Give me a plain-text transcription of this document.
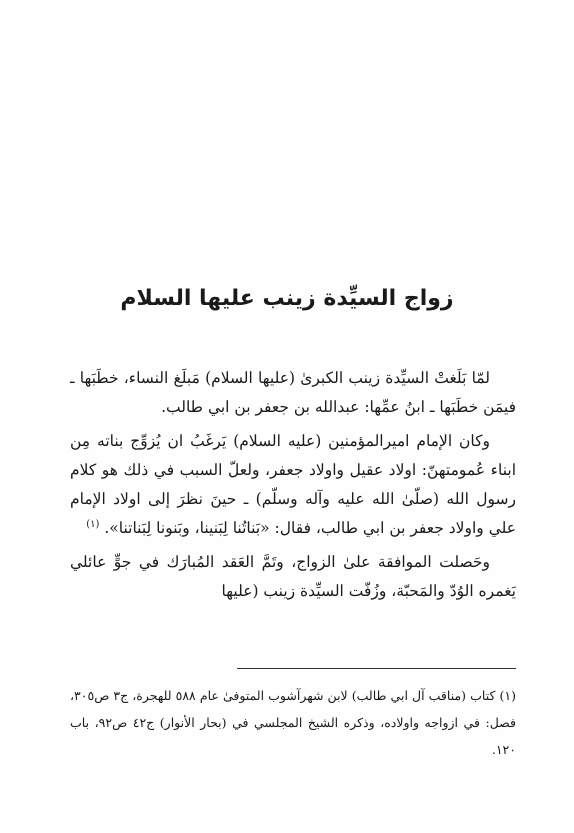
زواج السيِّدة زينب عليها السلام

لمّا بَلَغتْ السيِّدة زينب الكبرىٰ (عليها السلام) مَبلَغ النساء، خطَبَها ـ فيمَن خطَبَها ـ ابنُ عمِّها: عبدالله بن جعفر بن ابي طالب.

وكان الإمام اميرالمؤمنين (عليه السلام) يَرغَبُ ان يُزوِّج بناته مِن ابناء عُمومتهنّ: اولاد عقيل واولاد جعفر، ولعلّ السبب في ذلك هو كلام رسول الله (صلّىٰ الله عليه وآله وسلّم) ـ حينَ نظرَ إلى اولاد الإمام علي واولاد جعفر بن ابي طالب، فقال: «بَناتُنا لِبَنينا، وبَنونا لِبَناتنا». $^{(١)}$

وحَصلت الموافقة علىٰ الزواج، وتَمَّ العَقد المُبارَك في جوٍّ عائلي يَغمره الوُدّ والمَحبّة، وزُفّت السيِّدة زينب (عليها

(١) كتاب (مناقب آل ابي طالب) لابن شهرآشوب المتوفىٰ عام ٥٨٨ للهجرة، ج٣ ص٣٠٥، فصل: في ازواجه واولاده، وذكره الشيخ المجلسي في (بحار الأنوار) ج٤٢ ص٩٢، باب ١٢٠.
